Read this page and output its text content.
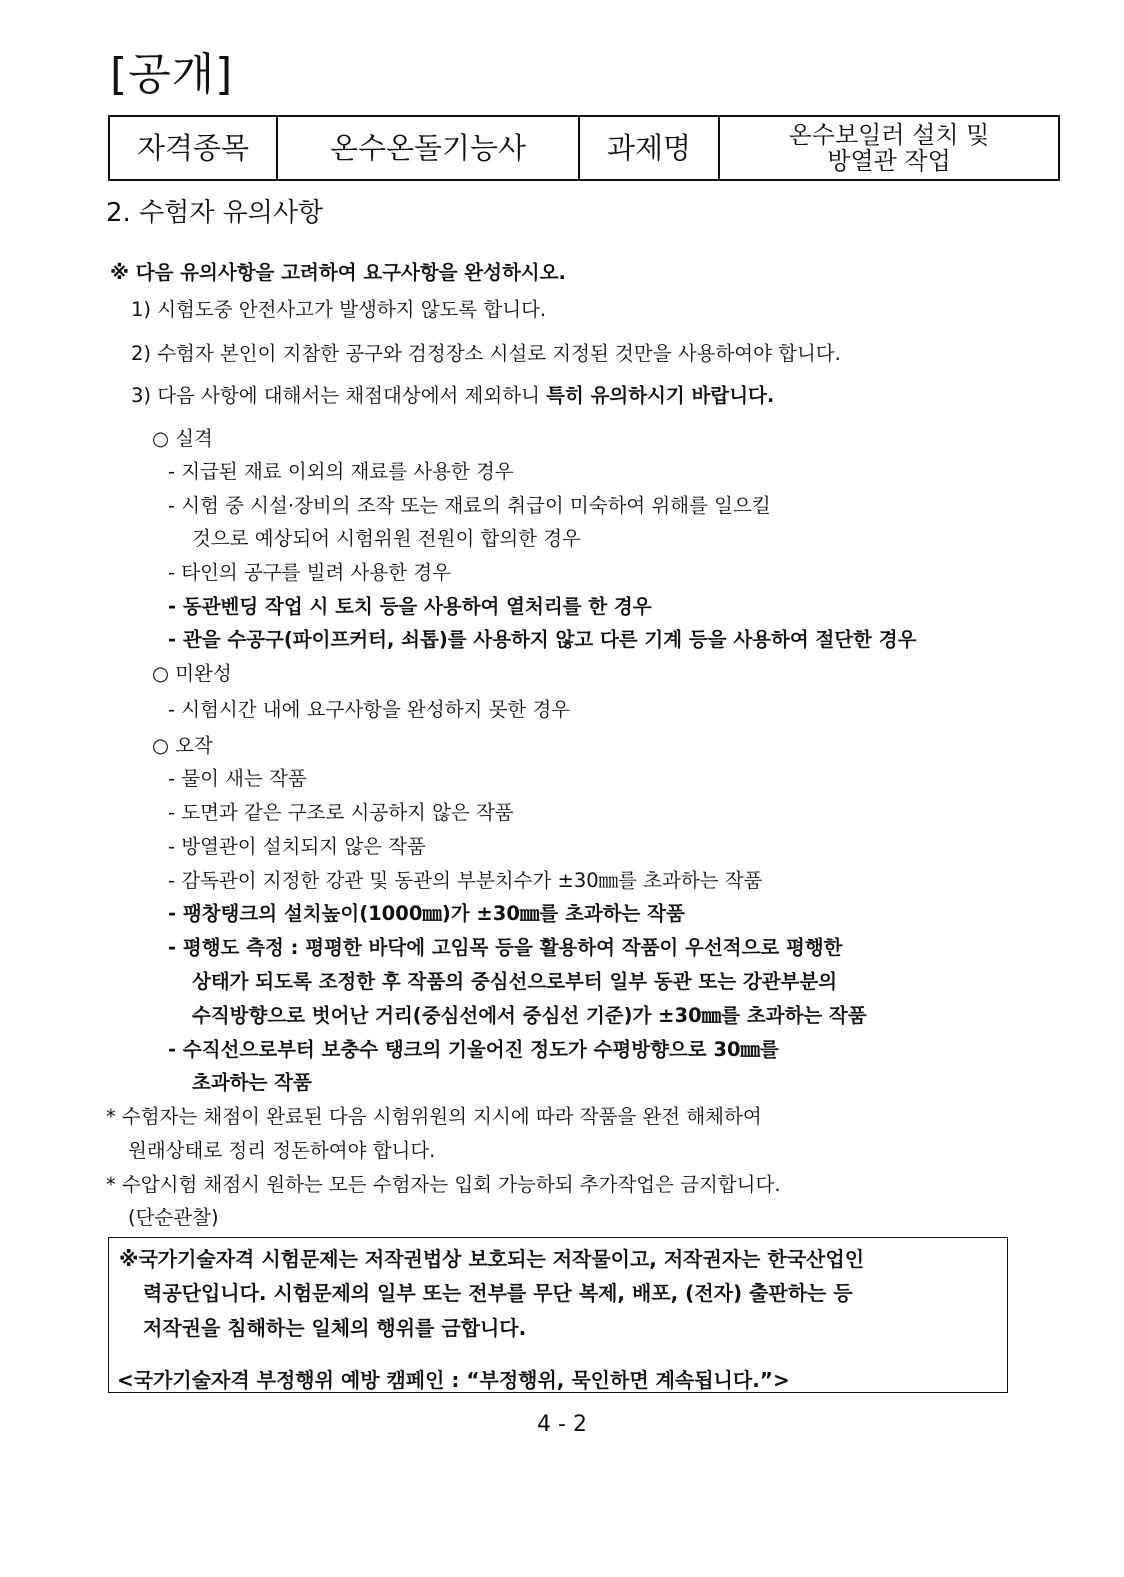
[공개]
자격종목	온수온돌기능사	과제명	온수보일러 설치 및
방열관 작업
2. 수험자 유의사항
※ 다음 유의사항을 고려하여 요구사항을 완성하시오.
1) 시험도중 안전사고가 발생하지 않도록 합니다.
2) 수험자 본인이 지참한 공구와 검정장소 시설로 지정된 것만을 사용하여야 합니다.
3) 다음 사항에 대해서는 채점대상에서 제외하니 특히 유의하시기 바랍니다.
○ 실격
- 지급된 재료 이외의 재료를 사용한 경우
- 시험 중 시설·장비의 조작 또는 재료의 취급이 미숙하여 위해를 일으킬
것으로 예상되어 시험위원 전원이 합의한 경우
- 타인의 공구를 빌려 사용한 경우
- 동관벤딩 작업 시 토치 등을 사용하여 열처리를 한 경우
- 관을 수공구(파이프커터, 쇠톱)를 사용하지 않고 다른 기계 등을 사용하여 절단한 경우
○ 미완성
- 시험시간 내에 요구사항을 완성하지 못한 경우
○ 오작
- 물이 새는 작품
- 도면과 같은 구조로 시공하지 않은 작품
- 방열관이 설치되지 않은 작품
- 감독관이 지정한 강관 및 동관의 부분치수가 ±30㎜를 초과하는 작품
- 팽창탱크의 설치높이(1000㎜)가 ±30㎜를 초과하는 작품
- 평행도 측정 : 평평한 바닥에 고임목 등을 활용하여 작품이 우선적으로 평행한
상태가 되도록 조정한 후 작품의 중심선으로부터 일부 동관 또는 강관부분의
수직방향으로 벗어난 거리(중심선에서 중심선 기준)가 ±30㎜를 초과하는 작품
- 수직선으로부터 보충수 탱크의 기울어진 정도가 수평방향으로 30㎜를
초과하는 작품
* 수험자는 채점이 완료된 다음 시험위원의 지시에 따라 작품을 완전 해체하여
원래상태로 정리 정돈하여야 합니다.
* 수압시험 채점시 원하는 모든 수험자는 입회 가능하되 추가작업은 금지합니다.
(단순관찰)
※국가기술자격 시험문제는 저작권법상 보호되는 저작물이고, 저작권자는 한국산업인
력공단입니다. 시험문제의 일부 또는 전부를 무단 복제, 배포, (전자) 출판하는 등
저작권을 침해하는 일체의 행위를 금합니다.
<국가기술자격 부정행위 예방 캠페인 : “부정행위, 묵인하면 계속됩니다.”>
4 - 2
